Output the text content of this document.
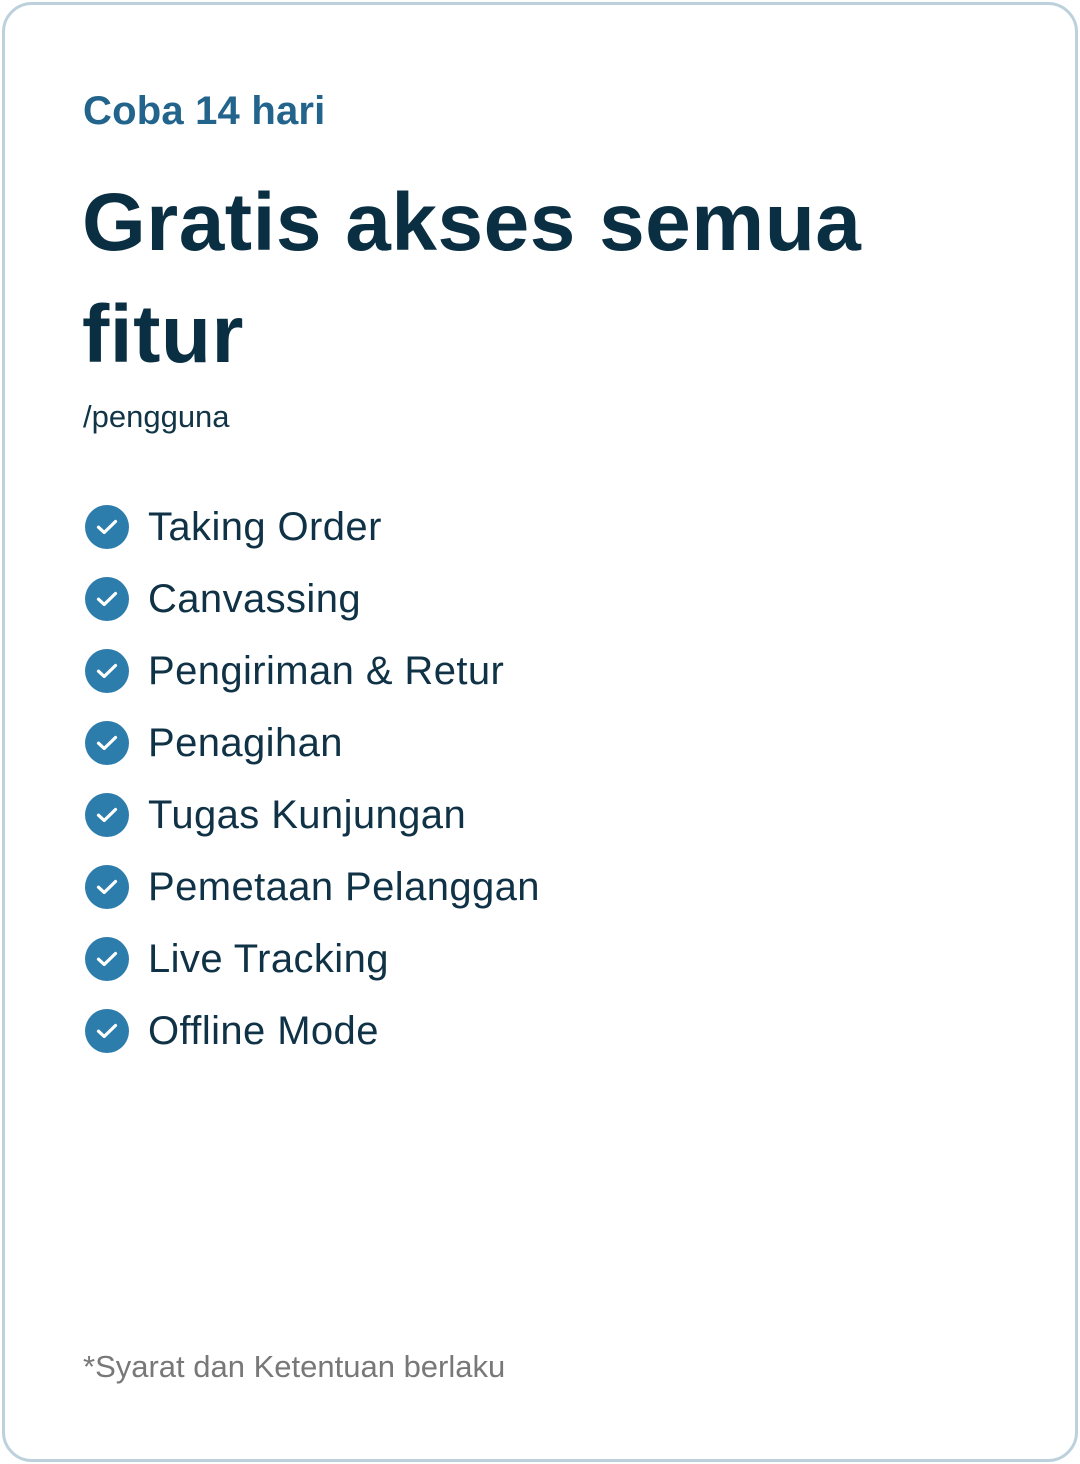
Coba 14 hari
Gratis akses semua fitur
/pengguna
Taking Order
Canvassing
Pengiriman & Retur
Penagihan
Tugas Kunjungan
Pemetaan Pelanggan
Live Tracking
Offline Mode
*Syarat dan Ketentuan berlaku
